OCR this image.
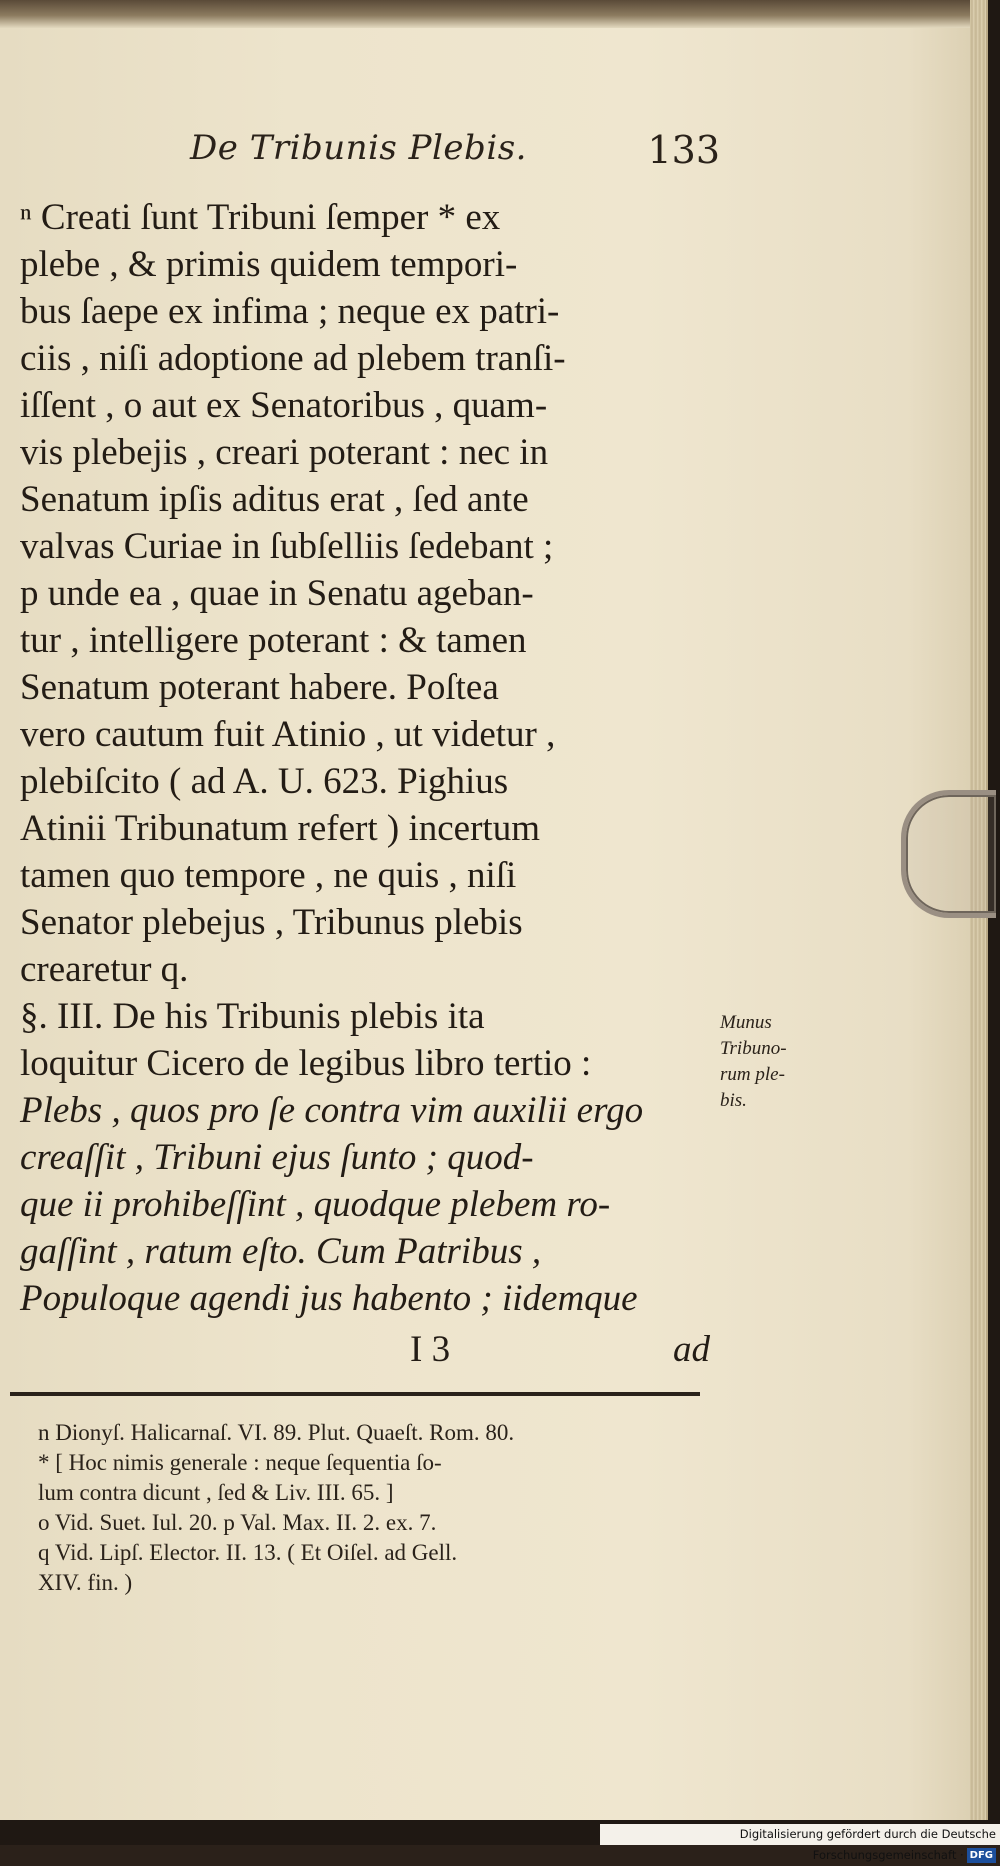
De Tribunis Plebis.	133
ⁿ Creati ſunt Tribuni ſemper * ex
plebe , & primis quidem tempori-
bus ſaepe ex infima ; neque ex patri-
ciis , niſi adoptione ad plebem tranſi-
iſſent , o aut ex Senatoribus , quam-
vis plebejis , creari poterant : nec in
Senatum ipſis aditus erat , ſed ante
valvas Curiae in ſubſelliis ſedebant ;
p unde ea , quae in Senatu ageban-
tur , intelligere poterant : & tamen
Senatum poterant habere. Poſtea
vero cautum fuit Atinio , ut videtur ,
plebiſcito ( ad A. U. 623. Pighius
Atinii Tribunatum refert ) incertum
tamen quo tempore , ne quis , niſi
Senator plebejus , Tribunus plebis
crearetur q.
§. III. De his Tribunis plebis ita
loquitur Cicero de legibus libro tertio :
Plebs , quos pro ſe contra vim auxilii ergo
creaſſit , Tribuni ejus ſunto ; quod-
que ii prohibeſſint , quodque plebem ro-
gaſſint , ratum eſto. Cum Patribus ,
Populoque agendi jus habento ; iidemque
Munus
Tribuno-
rum ple-
bis.
I 3	ad
n Dionyſ. Halicarnaſ. VI. 89. Plut. Quaeſt. Rom. 80.
* [ Hoc nimis generale : neque ſequentia ſo-
lum contra dicunt , ſed & Liv. III. 65. ]
o Vid. Suet. Iul. 20. p Val. Max. II. 2. ex. 7.
q Vid. Lipſ. Elector. II. 13. ( Et Oiſel. ad Gell.
XIV. fin. )
Digitalisierung gefördert durch die Deutsche Forschungsgemeinschaft · DFG
